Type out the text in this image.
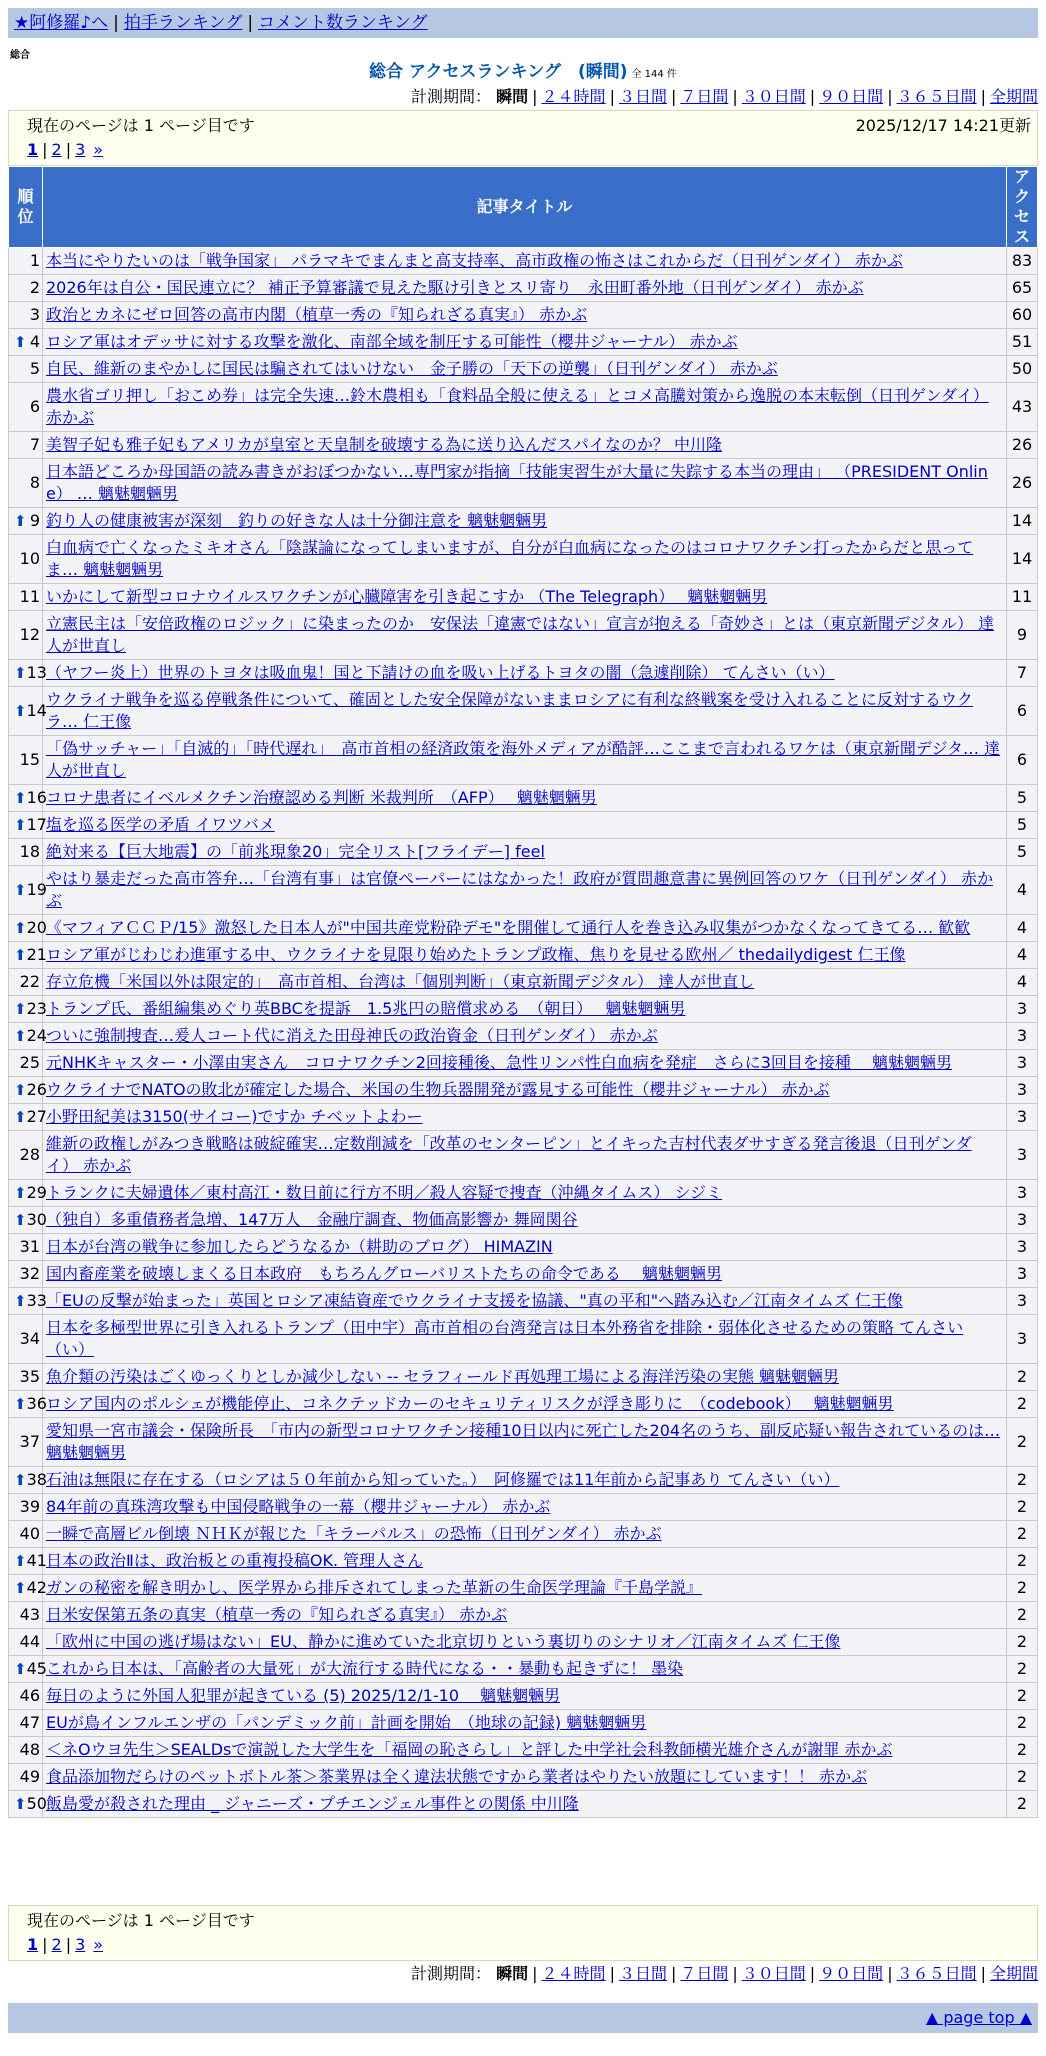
★阿修羅♪へ | 拍手ランキング | コメント数ランキング
総合
総合 アクセスランキング　(瞬間) 全 144 件
計測期間： 瞬間 | ２４時間 | ３日間 | ７日間 | ３０日間 | ９０日間 | ３６５日間 | 全期間
現在のページは 1 ページ目です	2025/12/17 14:21更新
1 | 2 | 3 »
順位	記事タイトル	アクセス
1	本当にやりたいのは「戦争国家」 パラマキでまんまと高支持率、高市政権の怖さはこれからだ（日刊ゲンダイ） 赤かぶ	83
2	2026年は自公・国民連立に？ 補正予算審議で見えた駆け引きとスリ寄り　永田町番外地（日刊ゲンダイ） 赤かぶ	65
3	政治とカネにゼロ回答の高市内閣（植草一秀の『知られざる真実』） 赤かぶ	60

⬆ 4	ロシア軍はオデッサに対する攻撃を激化、南部全域を制圧する可能性（櫻井ジャーナル） 赤かぶ	51
5	自民、維新のまやかしに国民は騙されてはいけない　金子勝の「天下の逆襲」（日刊ゲンダイ） 赤かぶ	50
6	農水省ゴリ押し「おこめ券」は完全失速…鈴木農相も「食料品全般に使える」とコメ高騰対策から逸脱の本末転倒（日刊ゲンダイ） 赤かぶ	43
7	美智子妃も雅子妃もアメリカが皇室と天皇制を破壊する為に送り込んだスパイなのか？ 中川隆	26
8	日本語どころか母国語の読み書きがおぼつかない…専門家が指摘「技能実習生が大量に失踪する本当の理由」 （PRESIDENT Online） … 魑魅魍魎男	26

⬆ 9	釣り人の健康被害が深刻　釣りの好きな人は十分御注意を 魑魅魍魎男	14
10	白血病で亡くなったミキオさん「陰謀論になってしまいますが、自分が白血病になったのはコロナワクチン打ったからだと思ってま… 魑魅魍魎男	14
11	いかにして新型コロナウイルスワクチンが心臓障害を引き起こすか （The Telegraph）　 魑魅魍魎男	11
12	立憲民主は「安倍政権のロジック」に染まったのか　安保法「違憲ではない」宣言が抱える「奇妙さ」とは（東京新聞デジタル） 達人が世直し	9

⬆ 13	（ヤフー炎上）世界のトヨタは吸血鬼！国と下請けの血を吸い上げるトヨタの闇（急遽削除） てんさい（い）	7

⬆ 14	ウクライナ戦争を巡る停戦条件について、確固とした安全保障がないままロシアに有利な終戦案を受け入れることに反対するウクラ… 仁王像	6
15	「偽サッチャー」「自滅的」「時代遅れ」　高市首相の経済政策を海外メディアが酷評…ここまで言われるワケは（東京新聞デジタ… 達人が世直し	6

⬆ 16	コロナ患者にイベルメクチン治療認める判断 米裁判所　（AFP）　 魑魅魍魎男	5

⬆ 17	塩を巡る医学の矛盾 イワツバメ	5
18	絶対来る【巨大地震】の「前兆現象20」完全リスト[フライデー] feel	5

⬆ 19	やはり暴走だった高市答弁…「台湾有事」は官僚ペーパーにはなかった！政府が質問趣意書に異例回答のワケ（日刊ゲンダイ） 赤かぶ	4

⬆ 20	《マフィアＣＣＰ/15》激怒した日本人が"中国共産党粉砕デモ"を開催して通行人を巻き込み収集がつかなくなってきてる… 歓歓	4

⬆ 21	ロシア軍がじわじわ進軍する中、ウクライナを見限り始めたトランプ政権、焦りを見せる欧州／ thedailydigest 仁王像	4
22	存立危機「米国以外は限定的」　高市首相、台湾は「個別判断」（東京新聞デジタル） 達人が世直し	4

⬆ 23	トランプ氏、番組編集めぐり英BBCを提訴　1.5兆円の賠償求める　（朝日）　 魑魅魍魎男	3

⬆ 24	ついに強制捜査…爰人コート代に消えた田母神氏の政治資金（日刊ゲンダイ） 赤かぶ	3
25	元NHKキャスター・小澤由実さん　コロナワクチン2回接種後、急性リンパ性白血病を発症　さらに3回目を接種　 魑魅魍魎男	3

⬆ 26	ウクライナでNATOの敗北が確定した場合、米国の生物兵器開発が露見する可能性（櫻井ジャーナル） 赤かぶ	3

⬆ 27	小野田紀美は3150(サイコー)ですか チベットよわー	3
28	維新の政権しがみつき戦略は破綻確実…定数削減を「改革のセンターピン」とイキった吉村代表ダサすぎる発言後退（日刊ゲンダイ） 赤かぶ	3

⬆ 29	トランクに夫婦遺体／東村高江・数日前に行方不明／殺人容疑で捜査（沖縄タイムス） シジミ	3

⬆ 30	（独自）多重債務者急増、147万人　金融庁調査、物価高影響か 舞岡関谷	3
31	日本が台湾の戦争に参加したらどうなるか（耕助のブログ） HIMAZIN	3
32	国内畜産業を破壊しまくる日本政府　もちろんグローバリストたちの命令である　 魑魅魍魎男	3

⬆ 33	「EUの反撃が始まった」英国とロシア凍結資産でウクライナ支援を協議、"真の平和"へ踏み込む／江南タイムズ 仁王像	3
34	日本を多極型世界に引き入れるトランプ（田中宇）高市首相の台湾発言は日本外務省を排除・弱体化させるための策略 てんさい（い）	3
35	魚介類の汚染はごくゆっくりとしか減少しない -- セラフィールド再処理工場による海洋汚染の実態 魑魅魍魎男	2

⬆ 36	ロシア国内のポルシェが機能停止、コネクテッドカーのセキュリティリスクが浮き彫りに　（codebook）　 魑魅魍魎男	2
37	愛知県一宮市議会・保険所長　「市内の新型コロナワクチン接種10日以内に死亡した204名のうち、副反応疑い報告されているのは… 魑魅魍魎男	2

⬆ 38	石油は無限に存在する（ロシアは５０年前から知っていた。）　阿修羅では11年前から記事あり てんさい（い）	2
39	84年前の真珠湾攻撃も中国侵略戦争の一幕（櫻井ジャーナル） 赤かぶ	2
40	一瞬で高層ビル倒壊 ＮＨＫが報じた「キラーパルス」の恐怖（日刊ゲンダイ） 赤かぶ	2

⬆ 41	日本の政治Ⅱは、政治板との重複投稿OK. 管理人さん	2

⬆ 42	ガンの秘密を解き明かし、医学界から排斥されてしまった革新の生命医学理論『千島学説』	2
43	日米安保第五条の真実（植草一秀の『知られざる真実』） 赤かぶ	2
44	「欧州に中国の逃げ場はない」EU、静かに進めていた北京切りという裏切りのシナリオ／江南タイムズ 仁王像	2

⬆ 45	これから日本は、「高齢者の大量死」が大流行する時代になる・・暴動も起きずに！ 墨染	2
46	毎日のように外国人犯罪が起きている (5) 2025/12/1-10　 魑魅魍魎男	2
47	EUが鳥インフルエンザの「パンデミック前」計画を開始　（地球の記録) 魑魅魍魎男	2
48	＜ネОウヨ先生＞SEALDsで演説した大学生を「福岡の恥さらし」と評した中学社会科教師横光雄介さんが謝罪 赤かぶ	2
49	食品添加物だらけのペットボトル茶＞茶業界は全く違法状態ですから業者はやりたい放題にしています！！ 赤かぶ	2

⬆ 50	飯島愛が殺された理由 _ ジャニーズ・プチエンジェル事件との関係 中川隆	2
現在のページは 1 ページ目です
1 | 2 | 3 »
計測期間： 瞬間 | ２４時間 | ３日間 | ７日間 | ３０日間 | ９０日間 | ３６５日間 | 全期間
▲ page top ▲
